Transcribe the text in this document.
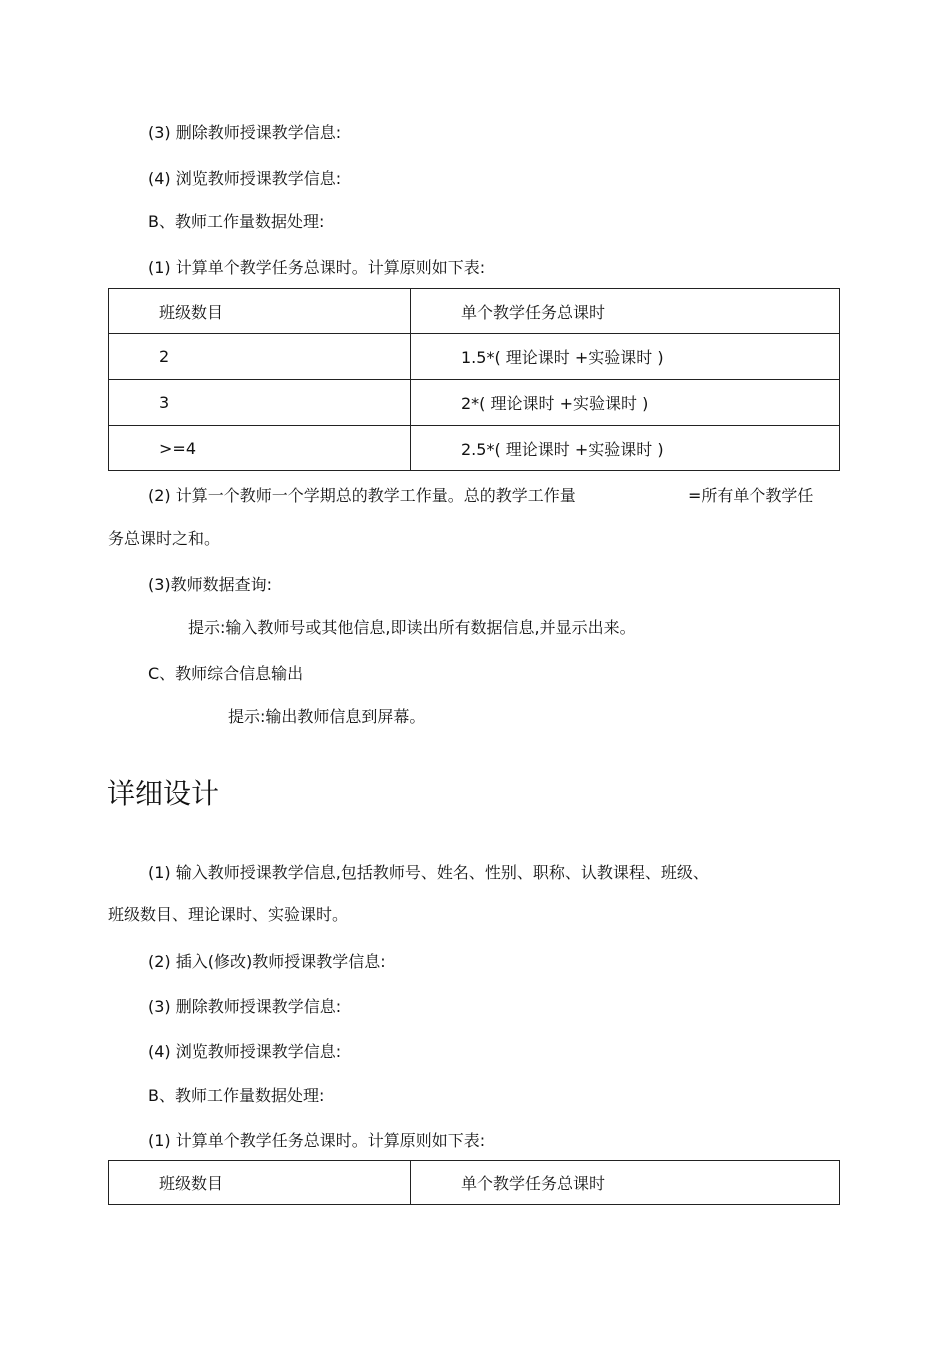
(3) 删除教师授课教学信息:
(4) 浏览教师授课教学信息:
B、教师工作量数据处理:
(1) 计算单个教学任务总课时。计算原则如下表:
班级数目	单个教学任务总课时
2	1.5*( 理论课时 +实验课时 )
3	2*( 理论课时 +实验课时 )
>=4	2.5*( 理论课时 +实验课时 )
(2) 计算一个教师一个学期总的教学工作量。总的教学工作量	=所有单个教学任
务总课时之和。
(3)教师数据查询:
提示:输入教师号或其他信息,即读出所有数据信息,并显示出来。
C、教师综合信息输出
提示:输出教师信息到屏幕。
详细设计
(1) 输入教师授课教学信息,包括教师号、姓名、性别、职称、认教课程、班级、
班级数目、理论课时、实验课时。
(2) 插入(修改)教师授课教学信息:
(3) 删除教师授课教学信息:
(4) 浏览教师授课教学信息:
B、教师工作量数据处理:
(1) 计算单个教学任务总课时。计算原则如下表:
班级数目	单个教学任务总课时
